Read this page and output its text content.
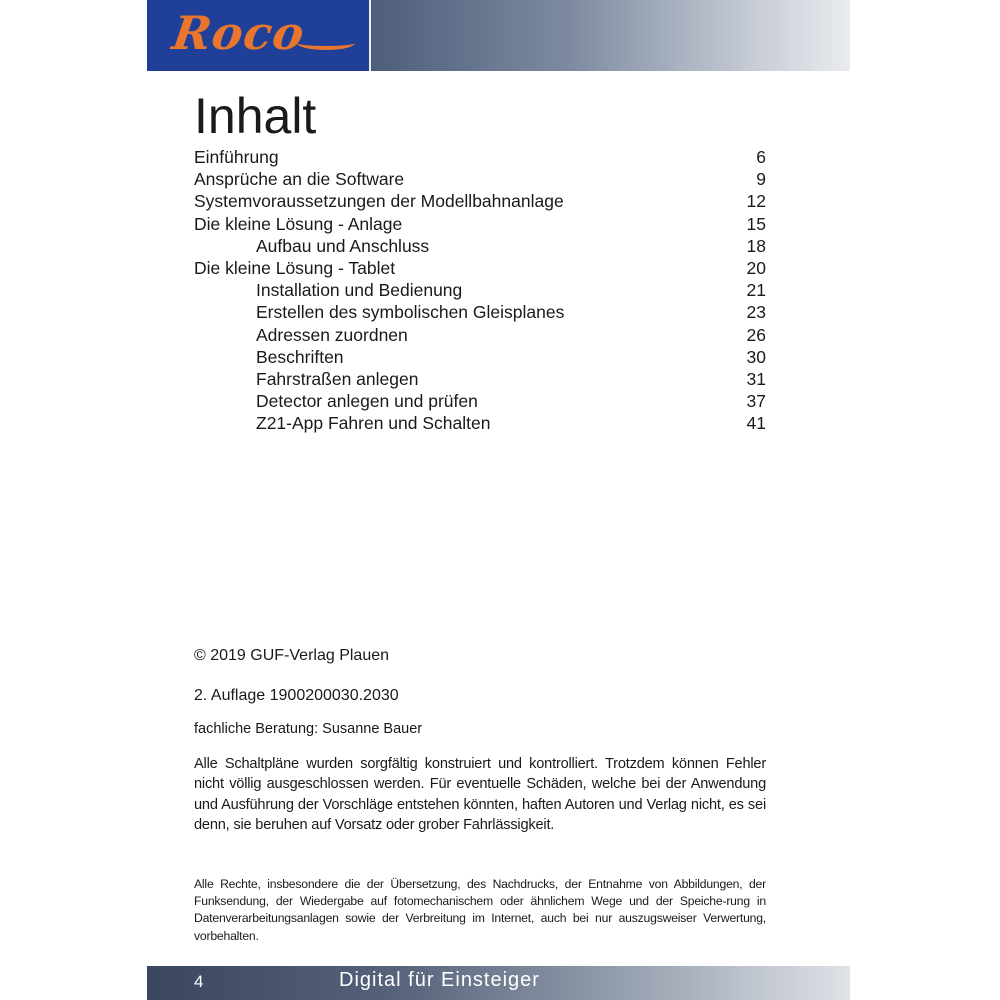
Roco
Inhalt
Einführung	6
Ansprüche an die Software	9
Systemvoraussetzungen der Modellbahnanlage	12
Die kleine Lösung - Anlage	15
Aufbau und Anschluss	18
Die kleine Lösung - Tablet	20
Installation und Bedienung	21
Erstellen des symbolischen Gleisplanes	23
Adressen zuordnen	26
Beschriften	30
Fahrstraßen anlegen	31
Detector anlegen und prüfen	37
Z21-App Fahren und Schalten	41
© 2019 GUF-Verlag Plauen
2. Auflage 1900200030.2030
fachliche Beratung: Susanne Bauer

Alle Schaltpläne wurden sorgfältig konstruiert und kontrolliert. Trotzdem können Fehler nicht völlig ausgeschlossen werden. Für eventuelle Schäden, welche bei der Anwendung und Ausführung der Vorschläge entstehen könnten, haften Autoren und Verlag nicht, es sei denn, sie beruhen auf Vorsatz oder grober Fahrlässigkeit.

Alle Rechte, insbesondere die der Übersetzung, des Nachdrucks, der Entnahme von Abbildungen, der Funksendung, der Wiedergabe auf fotomechanischem oder ähnlichem Wege und der Speiche-rung in Datenverarbeitungsanlagen sowie der Verbreitung im Internet, auch bei nur auszugsweiser Verwertung, vorbehalten.

4	Digital für Einsteiger
